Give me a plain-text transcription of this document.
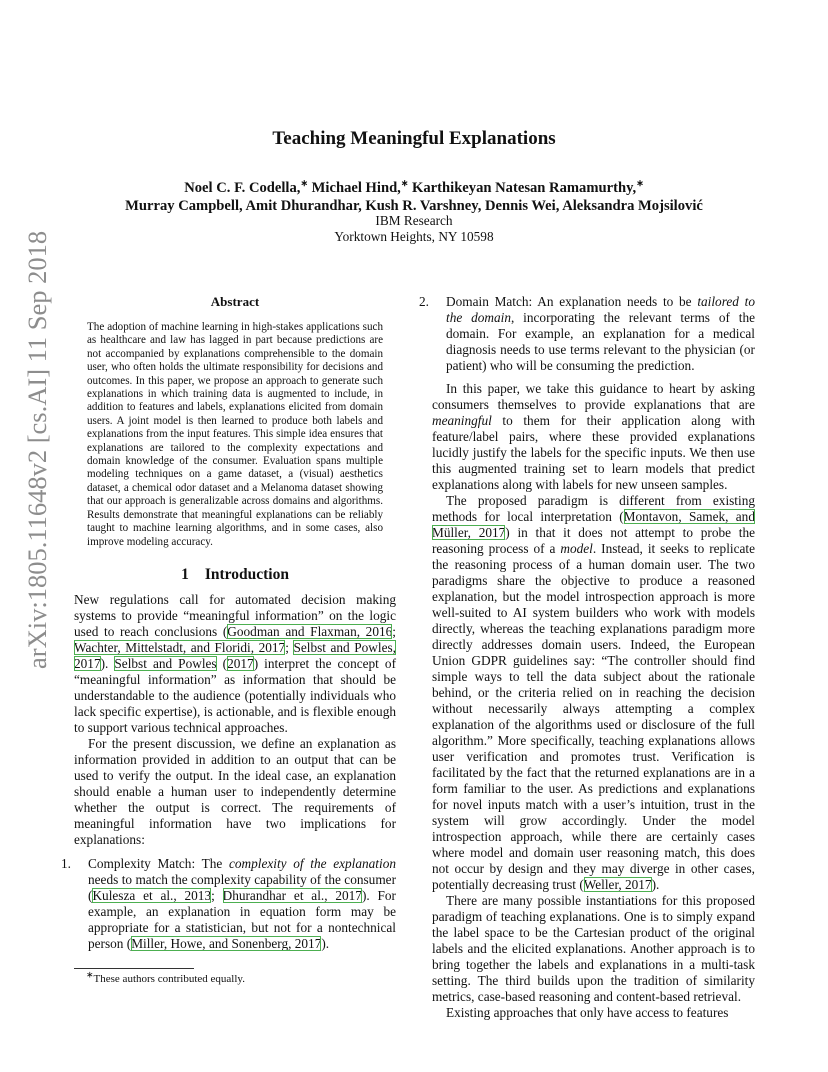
arXiv:1805.11648v2 [cs.AI] 11 Sep 2018
Teaching Meaningful Explanations
Noel C. F. Codella,∗ Michael Hind,∗ Karthikeyan Natesan Ramamurthy,∗
Murray Campbell, Amit Dhurandhar, Kush R. Varshney, Dennis Wei, Aleksandra Mojsilović
IBM Research
Yorktown Heights, NY 10598
Abstract

The adoption of machine learning in high-stakes applications such as healthcare and law has lagged in part because predictions are not accompanied by explanations comprehensible to the domain user, who often holds the ultimate responsibility for decisions and outcomes. In this paper, we propose an approach to generate such explanations in which training data is augmented to include, in addition to features and labels, explanations elicited from domain users. A joint model is then learned to produce both labels and explanations from the input features. This simple idea ensures that explanations are tailored to the complexity expectations and domain knowledge of the consumer. Evaluation spans multiple modeling techniques on a game dataset, a (visual) aesthetics dataset, a chemical odor dataset and a Melanoma dataset showing that our approach is generalizable across domains and algorithms. Results demonstrate that meaningful explanations can be reliably taught to machine learning algorithms, and in some cases, also improve modeling accuracy.

1 Introduction

New regulations call for automated decision making systems to provide “meaningful information” on the logic used to reach conclusions (Goodman and Flaxman, 2016; Wachter, Mittelstadt, and Floridi, 2017; Selbst and Powles, 2017). Selbst and Powles (2017) interpret the concept of “meaningful information” as information that should be understandable to the audience (potentially individuals who lack specific expertise), is actionable, and is flexible enough to support various technical approaches.

For the present discussion, we define an explanation as information provided in addition to an output that can be used to verify the output. In the ideal case, an explanation should enable a human user to independently determine whether the output is correct. The requirements of meaningful information have two implications for explanations:

1. Complexity Match: The complexity of the explanation needs to match the complexity capability of the consumer (Kulesza et al., 2013; Dhurandhar et al., 2017). For example, an explanation in equation form may be appropriate for a statistician, but not for a nontechnical person (Miller, Howe, and Sonenberg, 2017).
∗These authors contributed equally.
2. Domain Match: An explanation needs to be tailored to the domain, incorporating the relevant terms of the domain. For example, an explanation for a medical diagnosis needs to use terms relevant to the physician (or patient) who will be consuming the prediction.

In this paper, we take this guidance to heart by asking consumers themselves to provide explanations that are meaningful to them for their application along with feature/label pairs, where these provided explanations lucidly justify the labels for the specific inputs. We then use this augmented training set to learn models that predict explanations along with labels for new unseen samples.

The proposed paradigm is different from existing methods for local interpretation (Montavon, Samek, and Müller, 2017) in that it does not attempt to probe the reasoning process of a model. Instead, it seeks to replicate the reasoning process of a human domain user. The two paradigms share the objective to produce a reasoned explanation, but the model introspection approach is more well-suited to AI system builders who work with models directly, whereas the teaching explanations paradigm more directly addresses domain users. Indeed, the European Union GDPR guidelines say: “The controller should find simple ways to tell the data subject about the rationale behind, or the criteria relied on in reaching the decision without necessarily always attempting a complex explanation of the algorithms used or disclosure of the full algorithm.” More specifically, teaching explanations allows user verification and promotes trust. Verification is facilitated by the fact that the returned explanations are in a form familiar to the user. As predictions and explanations for novel inputs match with a user’s intuition, trust in the system will grow accordingly. Under the model introspection approach, while there are certainly cases where model and domain user reasoning match, this does not occur by design and they may diverge in other cases, potentially decreasing trust (Weller, 2017).

There are many possible instantiations for this proposed paradigm of teaching explanations. One is to simply expand the label space to be the Cartesian product of the original labels and the elicited explanations. Another approach is to bring together the labels and explanations in a multi-task setting. The third builds upon the tradition of similarity metrics, case-based reasoning and content-based retrieval.

Existing approaches that only have access to features
